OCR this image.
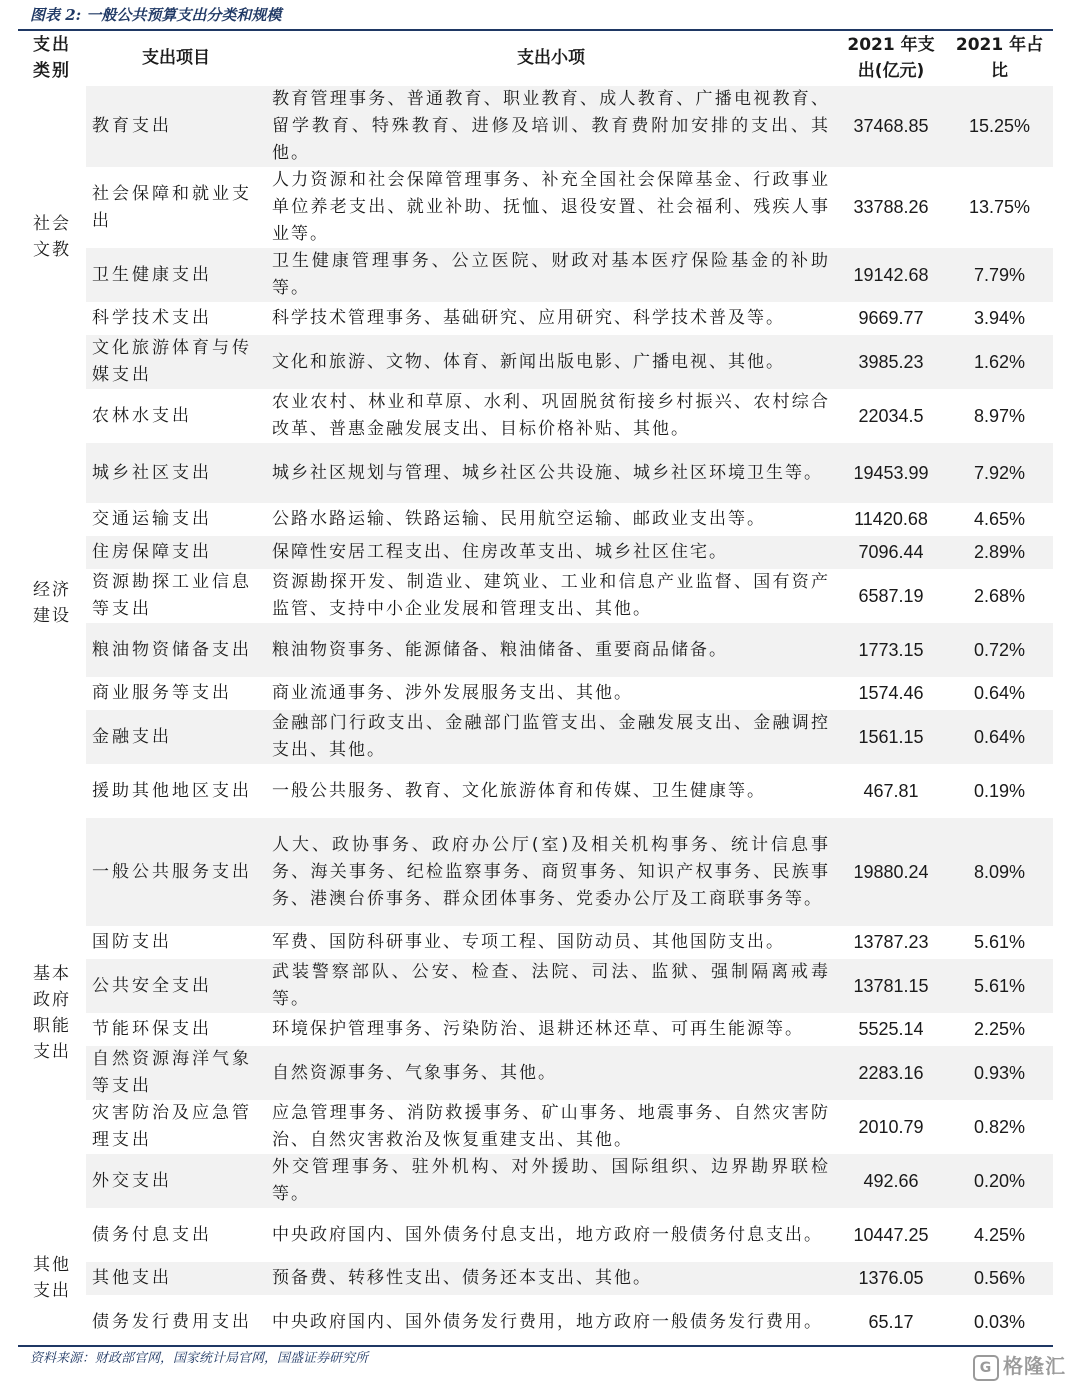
图表 2: 一般公共预算支出分类和规模
支出类别	支出项目	支出小项	2021 年支出(亿元)	2021 年占比
社会文教	教育支出	教育管理事务、普通教育、职业教育、成人教育、广播电视教育、留学教育、特殊教育、进修及培训、教育费附加安排的支出、其他。	37468.85	15.25%
	社会保障和就业支出	人力资源和社会保障管理事务、补充全国社会保障基金、行政事业单位养老支出、就业补助、抚恤、退役安置、社会福利、残疾人事业等。	33788.26	13.75%
	卫生健康支出	卫生健康管理事务、公立医院、财政对基本医疗保险基金的补助等。	19142.68	7.79%
	科学技术支出	科学技术管理事务、基础研究、应用研究、科学技术普及等。	9669.77	3.94%
	文化旅游体育与传媒支出	文化和旅游、文物、体育、新闻出版电影、广播电视、其他。	3985.23	1.62%
经济建设	农林水支出	农业农村、林业和草原、水利、巩固脱贫衔接乡村振兴、农村综合改革、普惠金融发展支出、目标价格补贴、其他。	22034.5	8.97%
	城乡社区支出	城乡社区规划与管理、城乡社区公共设施、城乡社区环境卫生等。	19453.99	7.92%
	交通运输支出	公路水路运输、铁路运输、民用航空运输、邮政业支出等。	11420.68	4.65%
	住房保障支出	保障性安居工程支出、住房改革支出、城乡社区住宅。	7096.44	2.89%
	资源勘探工业信息等支出	资源勘探开发、制造业、建筑业、工业和信息产业监督、国有资产监管、支持中小企业发展和管理支出、其他。	6587.19	2.68%
	粮油物资储备支出	粮油物资事务、能源储备、粮油储备、重要商品储备。	1773.15	0.72%
	商业服务等支出	商业流通事务、涉外发展服务支出、其他。	1574.46	0.64%
	金融支出	金融部门行政支出、金融部门监管支出、金融发展支出、金融调控支出、其他。	1561.15	0.64%
	援助其他地区支出	一般公共服务、教育、文化旅游体育和传媒、卫生健康等。	467.81	0.19%
基本政府职能支出	一般公共服务支出	人大、政协事务、政府办公厅(室)及相关机构事务、统计信息事务、海关事务、纪检监察事务、商贸事务、知识产权事务、民族事务、港澳台侨事务、群众团体事务、党委办公厅及工商联事务等。	19880.24	8.09%
	国防支出	军费、国防科研事业、专项工程、国防动员、其他国防支出。	13787.23	5.61%
	公共安全支出	武装警察部队、公安、检查、法院、司法、监狱、强制隔离戒毒等。	13781.15	5.61%
	节能环保支出	环境保护管理事务、污染防治、退耕还林还草、可再生能源等。	5525.14	2.25%
	自然资源海洋气象等支出	自然资源事务、气象事务、其他。	2283.16	0.93%
	灾害防治及应急管理支出	应急管理事务、消防救援事务、矿山事务、地震事务、自然灾害防治、自然灾害救治及恢复重建支出、其他。	2010.79	0.82%
	外交支出	外交管理事务、驻外机构、对外援助、国际组织、边界勘界联检等。	492.66	0.20%
其他支出	债务付息支出	中央政府国内、国外债务付息支出，地方政府一般债务付息支出。	10447.25	4.25%
	其他支出	预备费、转移性支出、债务还本支出、其他。	1376.05	0.56%
	债务发行费用支出	中央政府国内、国外债务发行费用，地方政府一般债务发行费用。	65.17	0.03%
资料来源：财政部官网，国家统计局官网，国盛证券研究所
G 格隆汇
